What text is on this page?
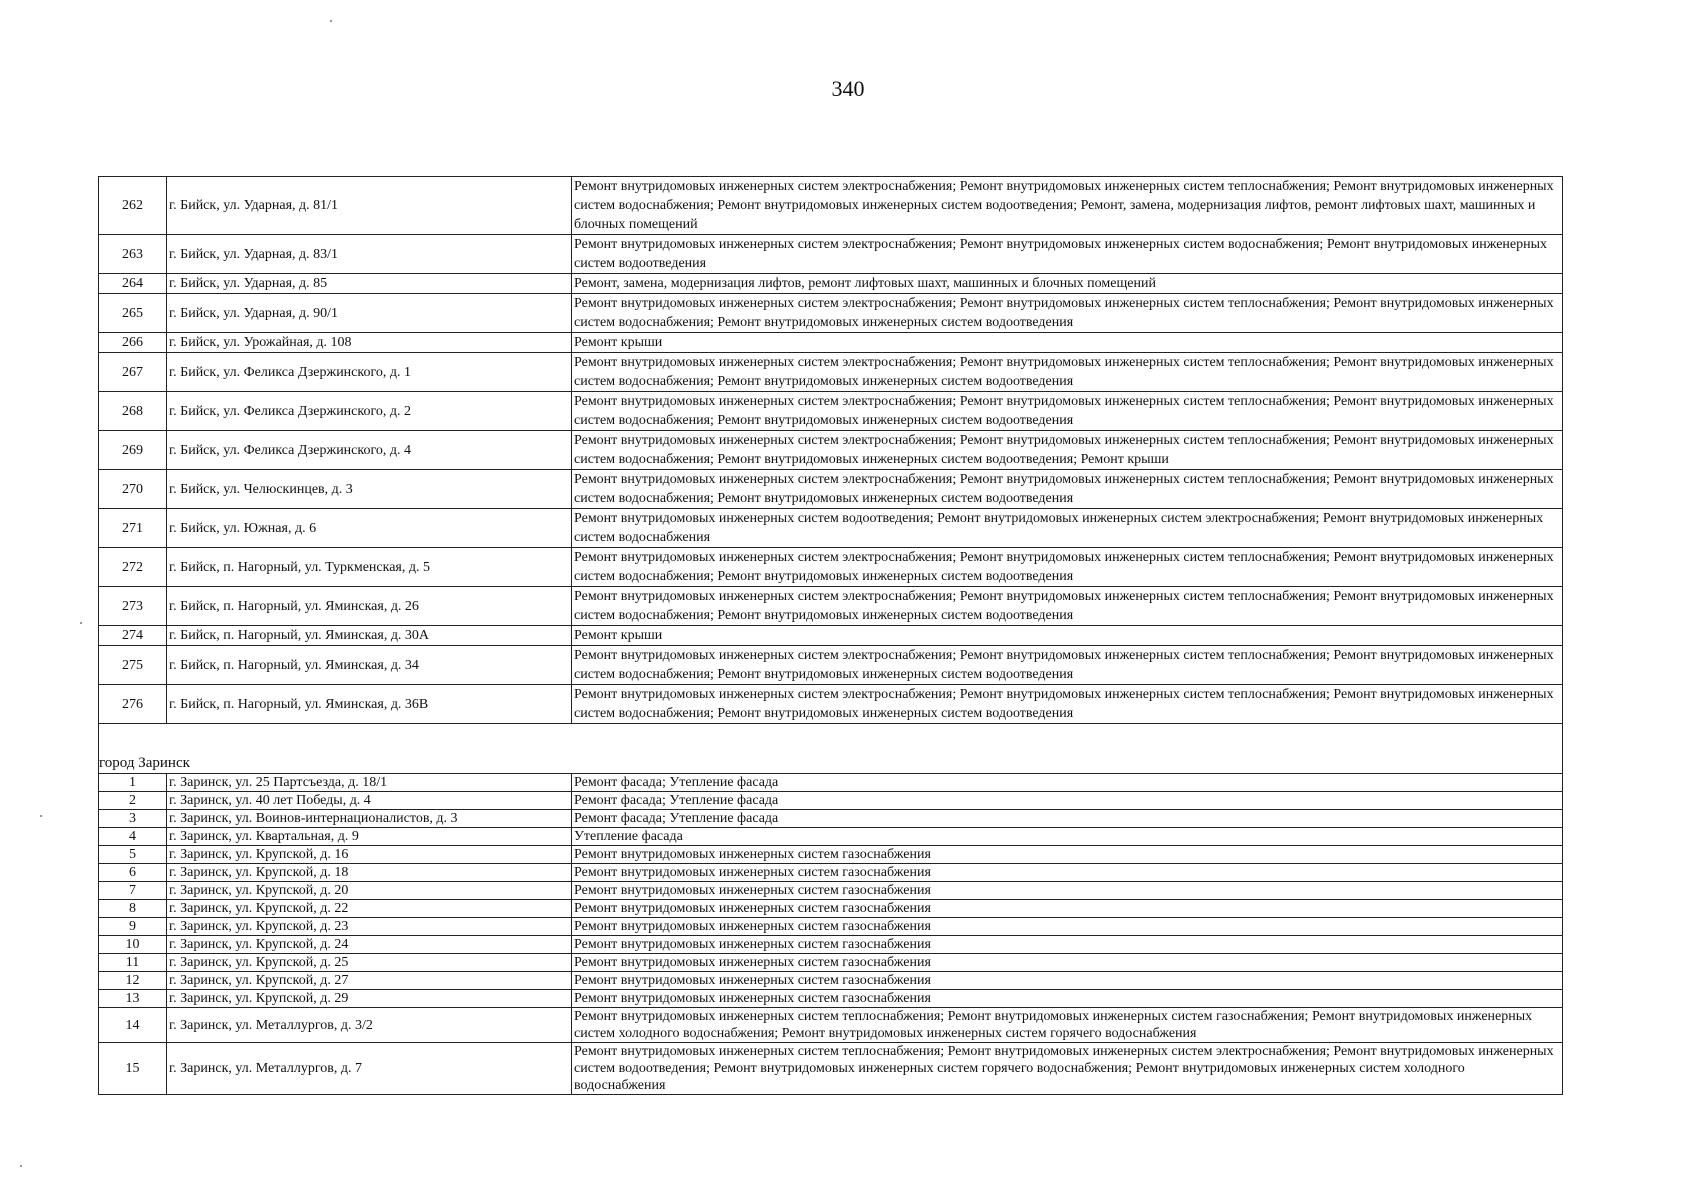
340
262	г. Бийск, ул. Ударная, д. 81/1	Ремонт внутридомовых инженерных систем электроснабжения; Ремонт внутридомовых инженерных систем теплоснабжения; Ремонт внутридомовых инженерных систем водоснабжения; Ремонт внутридомовых инженерных систем водоотведения; Ремонт, замена, модернизация лифтов, ремонт лифтовых шахт, машинных и блочных помещений
263	г. Бийск, ул. Ударная, д. 83/1	Ремонт внутридомовых инженерных систем электроснабжения; Ремонт внутридомовых инженерных систем водоснабжения; Ремонт внутридомовых инженерных систем водоотведения
264	г. Бийск, ул. Ударная, д. 85	Ремонт, замена, модернизация лифтов, ремонт лифтовых шахт, машинных и блочных помещений
265	г. Бийск, ул. Ударная, д. 90/1	Ремонт внутридомовых инженерных систем электроснабжения; Ремонт внутридомовых инженерных систем теплоснабжения; Ремонт внутридомовых инженерных систем водоснабжения; Ремонт внутридомовых инженерных систем водоотведения
266	г. Бийск, ул. Урожайная, д. 108	Ремонт крыши
267	г. Бийск, ул. Феликса Дзержинского, д. 1	Ремонт внутридомовых инженерных систем электроснабжения; Ремонт внутридомовых инженерных систем теплоснабжения; Ремонт внутридомовых инженерных систем водоснабжения; Ремонт внутридомовых инженерных систем водоотведения
268	г. Бийск, ул. Феликса Дзержинского, д. 2	Ремонт внутридомовых инженерных систем электроснабжения; Ремонт внутридомовых инженерных систем теплоснабжения; Ремонт внутридомовых инженерных систем водоснабжения; Ремонт внутридомовых инженерных систем водоотведения
269	г. Бийск, ул. Феликса Дзержинского, д. 4	Ремонт внутридомовых инженерных систем электроснабжения; Ремонт внутридомовых инженерных систем теплоснабжения; Ремонт внутридомовых инженерных систем водоснабжения; Ремонт внутридомовых инженерных систем водоотведения; Ремонт крыши
270	г. Бийск, ул. Челюскинцев, д. 3	Ремонт внутридомовых инженерных систем электроснабжения; Ремонт внутридомовых инженерных систем теплоснабжения; Ремонт внутридомовых инженерных систем водоснабжения; Ремонт внутридомовых инженерных систем водоотведения
271	г. Бийск, ул. Южная, д. 6	Ремонт внутридомовых инженерных систем водоотведения; Ремонт внутридомовых инженерных систем электроснабжения; Ремонт внутридомовых инженерных систем водоснабжения
272	г. Бийск, п. Нагорный, ул. Туркменская, д. 5	Ремонт внутридомовых инженерных систем электроснабжения; Ремонт внутридомовых инженерных систем теплоснабжения; Ремонт внутридомовых инженерных систем водоснабжения; Ремонт внутридомовых инженерных систем водоотведения
273	г. Бийск, п. Нагорный, ул. Яминская, д. 26	Ремонт внутридомовых инженерных систем электроснабжения; Ремонт внутридомовых инженерных систем теплоснабжения; Ремонт внутридомовых инженерных систем водоснабжения; Ремонт внутридомовых инженерных систем водоотведения
274	г. Бийск, п. Нагорный, ул. Яминская, д. 30А	Ремонт крыши
275	г. Бийск, п. Нагорный, ул. Яминская, д. 34	Ремонт внутридомовых инженерных систем электроснабжения; Ремонт внутридомовых инженерных систем теплоснабжения; Ремонт внутридомовых инженерных систем водоснабжения; Ремонт внутридомовых инженерных систем водоотведения
276	г. Бийск, п. Нагорный, ул. Яминская, д. 36В	Ремонт внутридомовых инженерных систем электроснабжения; Ремонт внутридомовых инженерных систем теплоснабжения; Ремонт внутридомовых инженерных систем водоснабжения; Ремонт внутридомовых инженерных систем водоотведения

город Заринск		
1	г. Заринск, ул. 25 Партсъезда, д. 18/1	Ремонт фасада; Утепление фасада
2	г. Заринск, ул. 40 лет Победы, д. 4	Ремонт фасада; Утепление фасада
3	г. Заринск, ул. Воинов-интернационалистов, д. 3	Ремонт фасада; Утепление фасада
4	г. Заринск, ул. Квартальная, д. 9	Утепление фасада
5	г. Заринск, ул. Крупской, д. 16	Ремонт внутридомовых инженерных систем газоснабжения
6	г. Заринск, ул. Крупской, д. 18	Ремонт внутридомовых инженерных систем газоснабжения
7	г. Заринск, ул. Крупской, д. 20	Ремонт внутридомовых инженерных систем газоснабжения
8	г. Заринск, ул. Крупской, д. 22	Ремонт внутридомовых инженерных систем газоснабжения
9	г. Заринск, ул. Крупской, д. 23	Ремонт внутридомовых инженерных систем газоснабжения
10	г. Заринск, ул. Крупской, д. 24	Ремонт внутридомовых инженерных систем газоснабжения
11	г. Заринск, ул. Крупской, д. 25	Ремонт внутридомовых инженерных систем газоснабжения
12	г. Заринск, ул. Крупской, д. 27	Ремонт внутридомовых инженерных систем газоснабжения
13	г. Заринск, ул. Крупской, д. 29	Ремонт внутридомовых инженерных систем газоснабжения
14	г. Заринск, ул. Металлургов, д. 3/2	Ремонт внутридомовых инженерных систем теплоснабжения; Ремонт внутридомовых инженерных систем газоснабжения; Ремонт внутридомовых инженерных систем холодного водоснабжения; Ремонт внутридомовых инженерных систем горячего водоснабжения
15	г. Заринск, ул. Металлургов, д. 7	Ремонт внутридомовых инженерных систем теплоснабжения; Ремонт внутридомовых инженерных систем электроснабжения; Ремонт внутридомовых инженерных систем водоотведения; Ремонт внутридомовых инженерных систем горячего водоснабжения; Ремонт внутридомовых инженерных систем холодного водоснабжения
